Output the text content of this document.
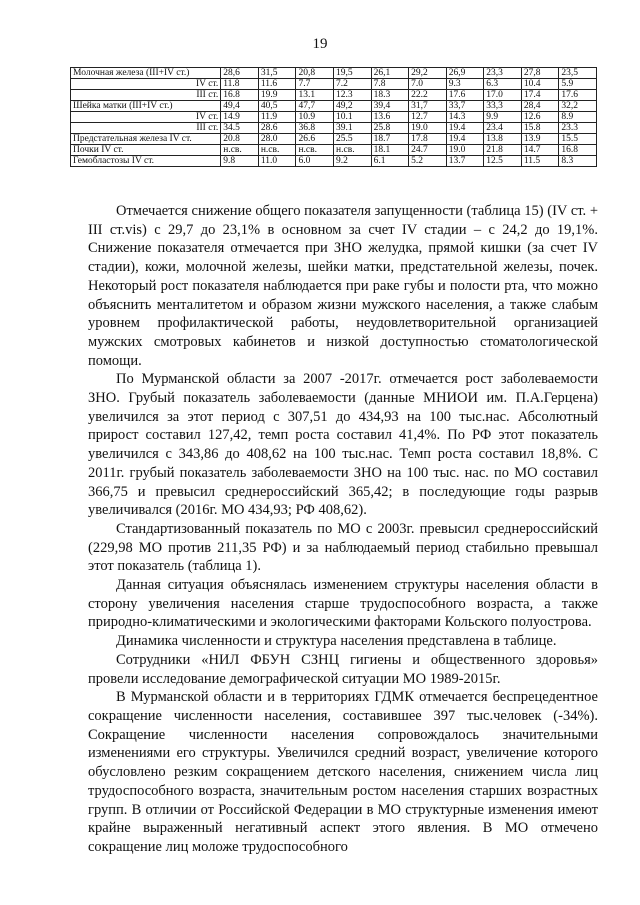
19
Молочная железа (III+IV ст.)	28,6	31,5	20,8	19,5	26,1	29,2	26,9	23,3	27,8	23,5
IV ст.	11.8	11.6	7.7	7.2	7.8	7.0	9.3	6.3	10.4	5.9
III ст.	16.8	19.9	13.1	12.3	18.3	22.2	17.6	17.0	17.4	17.6
Шейка матки (III+IV ст.)	49,4	40,5	47,7	49,2	39,4	31,7	33,7	33,3	28,4	32,2
IV ст.	14.9	11.9	10.9	10.1	13.6	12.7	14.3	9.9	12.6	8.9
III ст.	34.5	28.6	36.8	39.1	25.8	19.0	19.4	23.4	15.8	23.3
Предстательная железа IV ст.	20.8	28.0	26.6	25.5	18.7	17.8	19.4	13.8	13.9	15.5
Почки IV ст.	н.св.	н.св.	н.св.	н.св.	18.1	24.7	19.0	21.8	14.7	16.8
Гемобластозы IV ст.	9.8	11.0	6.0	9.2	6.1	5.2	13.7	12.5	11.5	8.3

Отмечается снижение общего показателя запущенности (таблица 15) (IV ст. + III ст.vis) с 29,7 до 23,1% в основном за счет IV стадии – с 24,2 до 19,1%. Снижение показателя отмечается при ЗНО желудка, прямой кишки (за счет IV стадии), кожи, молочной железы, шейки матки, предстательной железы, почек. Некоторый рост показателя наблюдается при раке губы и полости рта, что можно объяснить менталитетом и образом жизни мужского населения, а также слабым уровнем профилактической работы, неудовлетворительной организацией мужских смотровых кабинетов и низкой доступностью стоматологической помощи.

По Мурманской области за 2007 -2017г. отмечается рост заболеваемости ЗНО. Грубый показатель заболеваемости (данные МНИОИ им. П.А.Герцена) увеличился за этот период с 307,51 до 434,93 на 100 тыс.нас. Абсолютный прирост составил 127,42, темп роста составил 41,4%. По РФ этот показатель увеличился с 343,86 до 408,62 на 100 тыс.нас. Темп роста составил 18,8%. С 2011г. грубый показатель заболеваемости ЗНО на 100 тыс. нас. по МО составил 366,75 и превысил среднероссийский 365,42; в последующие годы разрыв увеличивался (2016г. МО 434,93; РФ 408,62).

Стандартизованный показатель по МО с 2003г. превысил среднероссийский (229,98 МО против 211,35 РФ) и за наблюдаемый период стабильно превышал этот показатель (таблица 1).

Данная ситуация объяснялась изменением структуры населения области в сторону увеличения населения старше трудоспособного возраста, а также природно-климатическими и экологическими факторами Кольского полуострова.

Динамика численности и структура населения представлена в таблице.

Сотрудники «НИЛ ФБУН СЗНЦ гигиены и общественного здоровья» провели исследование демографической ситуации МО 1989-2015г.

В Мурманской области и в территориях ГДМК отмечается беспрецедентное сокращение численности населения, составившее 397 тыс.человек (-34%). Сокращение численности населения сопровождалось значительными изменениями его структуры. Увеличился средний возраст, увеличение которого обусловлено резким сокращением детского населения, снижением числа лиц трудоспособного возраста, значительным ростом населения старших возрастных групп. В отличии от Российской Федерации в МО структурные изменения имеют крайне выраженный негативный аспект этого явления. В МО отмечено сокращение лиц моложе трудоспособного
